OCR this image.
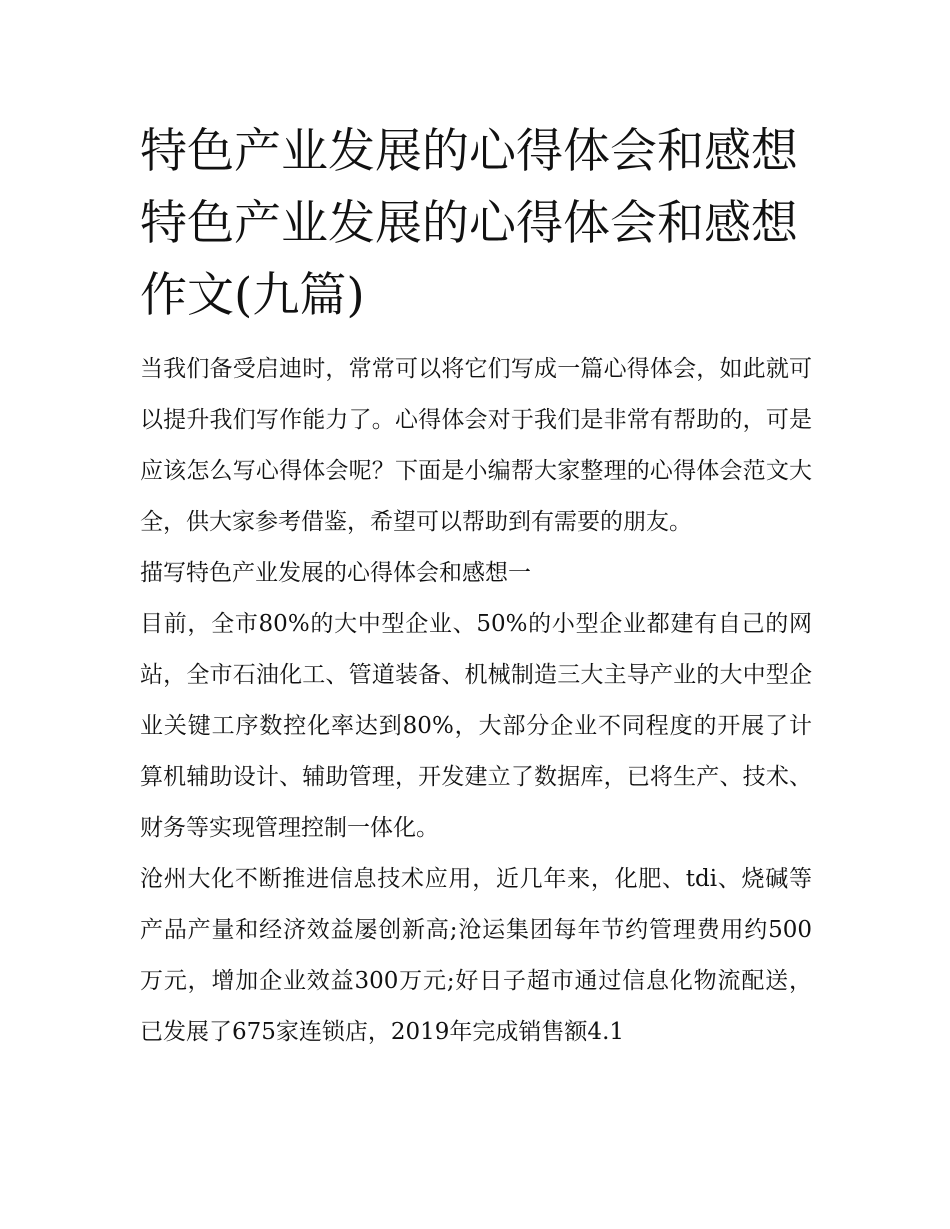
特色产业发展的心得体会和感想 特色产业发展的心得体会和感想作文(九篇)

当我们备受启迪时，常常可以将它们写成一篇心得体会，如此就可以提升我们写作能力了。心得体会对于我们是非常有帮助的，可是应该怎么写心得体会呢？下面是小编帮大家整理的心得体会范文大全，供大家参考借鉴，希望可以帮助到有需要的朋友。

描写特色产业发展的心得体会和感想一

目前，全市80%的大中型企业、50%的小型企业都建有自己的网站，全市石油化工、管道装备、机械制造三大主导产业的大中型企业关键工序数控化率达到80%，大部分企业不同程度的开展了计算机辅助设计、辅助管理，开发建立了数据库，已将生产、技术、财务等实现管理控制一体化。

沧州大化不断推进信息技术应用，近几年来，化肥、tdi、烧碱等产品产量和经济效益屡创新高;沧运集团每年节约管理费用约500万元，增加企业效益300万元;好日子超市通过信息化物流配送，已发展了675家连锁店，2019年完成销售额4.1
